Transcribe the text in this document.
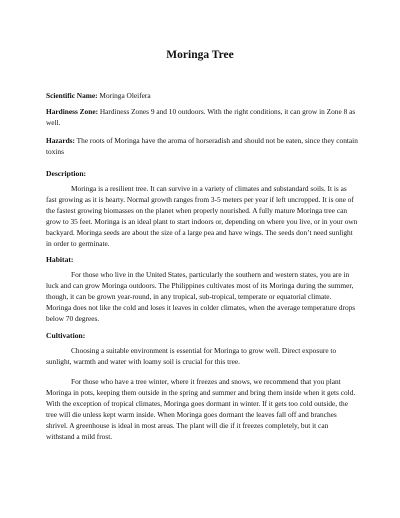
Moringa Tree

Scientific Name: Moringa Oleifera

Hardiness Zone: Hardiness Zones 9 and 10 outdoors. With the right conditions, it can grow in Zone 8 as well.

Hazards: The roots of Moringa have the aroma of horseradish and should not be eaten, since they contain toxins

Description:

Moringa is a resilient tree. It can survive in a variety of climates and substandard soils. It is as fast growing as it is hearty. Normal growth ranges from 3-5 meters per year if left uncropped. It is one of the fastest growing biomasses on the planet when properly nourished. A fully mature Moringa tree can grow to 35 feet. Moringa is an ideal plant to start indoors or, depending on where you live, or in your own backyard. Moringa seeds are about the size of a large pea and have wings. The seeds don’t need sunlight in order to germinate.

Habitat:

For those who live in the United States, particularly the southern and western states, you are in luck and can grow Moringa outdoors. The Philippines cultivates most of its Moringa during the summer, though, it can be grown year-round, in any tropical, sub-tropical, temperate or equatorial climate. Moringa does not like the cold and loses it leaves in colder climates, when the average temperature drops below 70 degrees.

Cultivation:

Choosing a suitable environment is essential for Moringa to grow well. Direct exposure to sunlight, warmth and water with loamy soil is crucial for this tree.

For those who have a tree winter, where it freezes and snows, we recommend that you plant Moringa in pots, keeping them outside in the spring and summer and bring them inside when it gets cold. With the exception of tropical climates, Moringa goes dormant in winter. If it gets too cold outside, the tree will die unless kept warm inside. When Moringa goes dormant the leaves fall off and branches shrivel. A greenhouse is ideal in most areas. The plant will die if it freezes completely, but it can withstand a mild frost.
